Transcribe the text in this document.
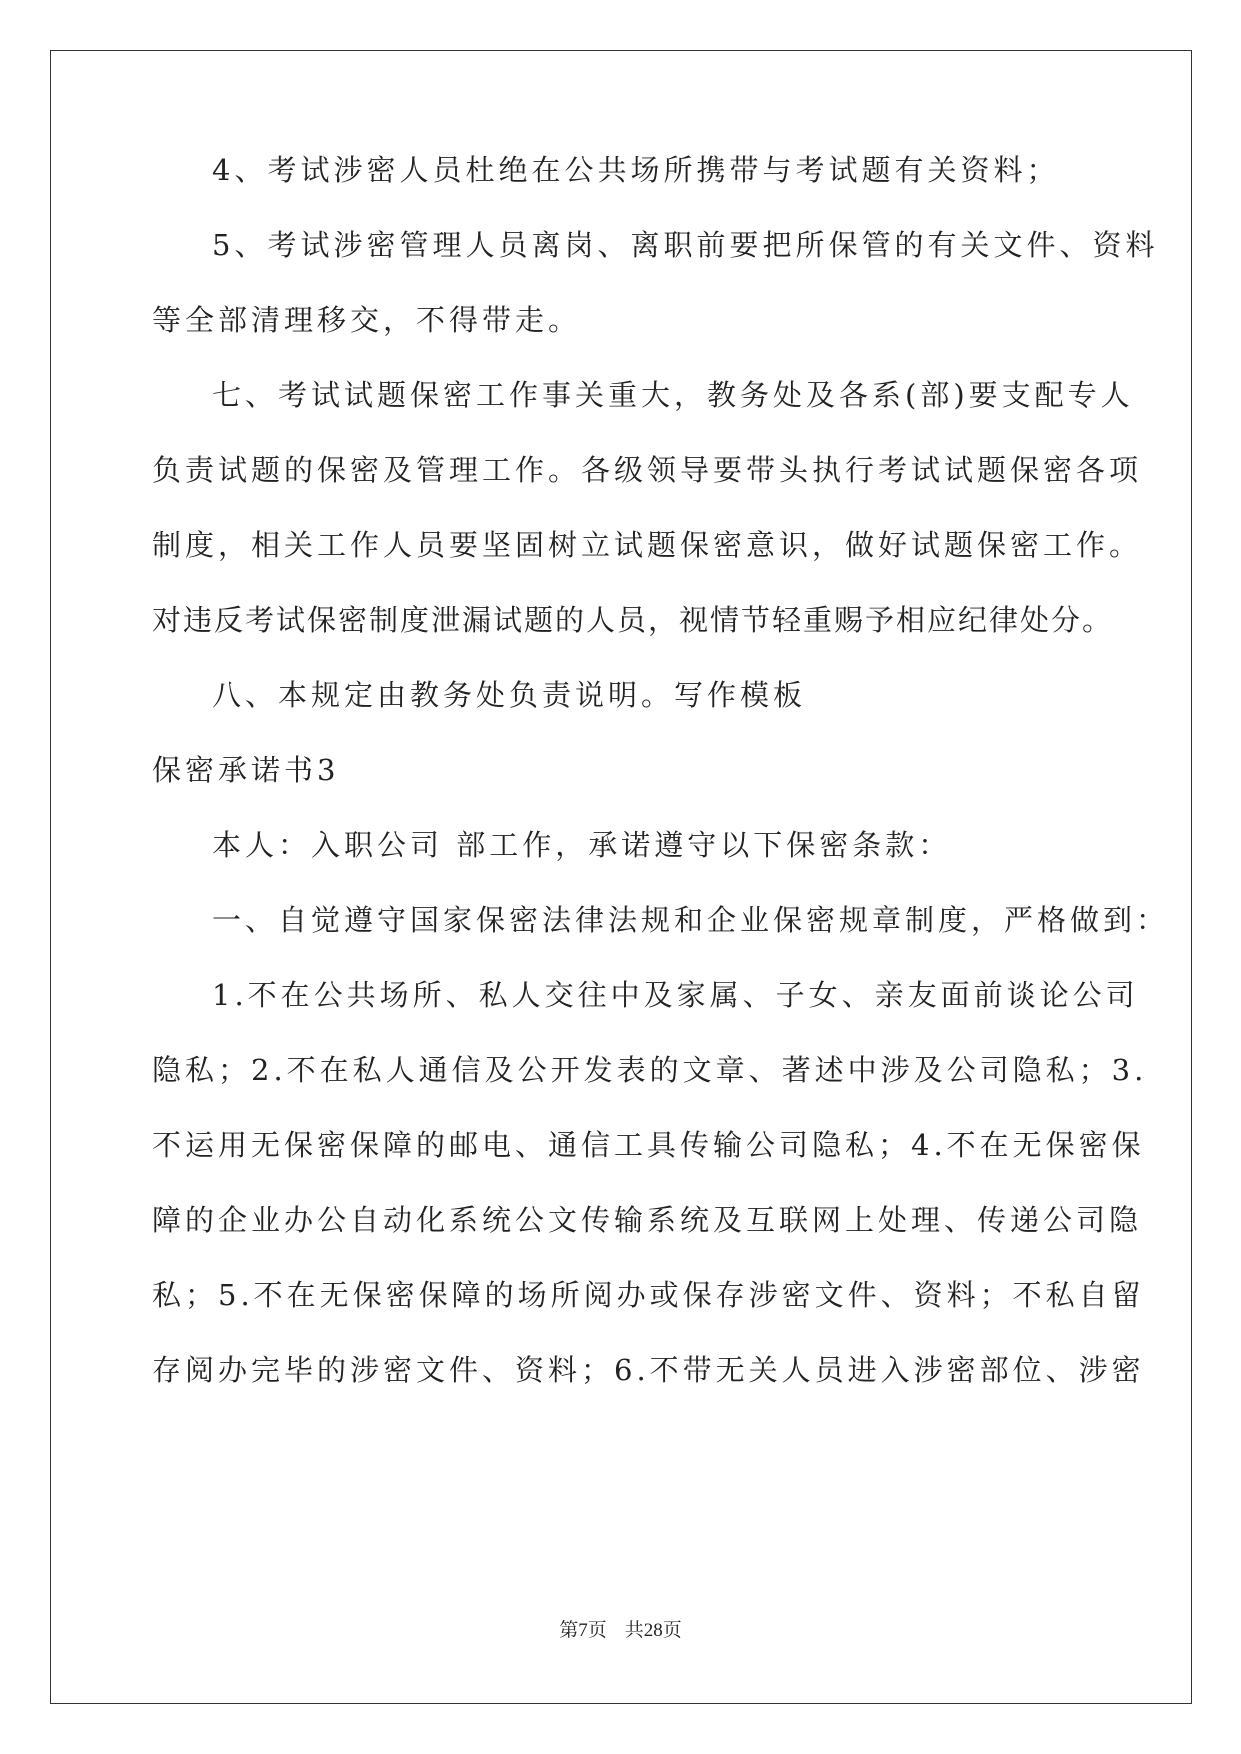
4、考试涉密人员杜绝在公共场所携带与考试题有关资料；
5、考试涉密管理人员离岗、离职前要把所保管的有关文件、资料
等全部清理移交，不得带走。
七、考试试题保密工作事关重大，教务处及各系(部)要支配专人
负责试题的保密及管理工作。各级领导要带头执行考试试题保密各项
制度，相关工作人员要坚固树立试题保密意识，做好试题保密工作。
对违反考试保密制度泄漏试题的人员，视情节轻重赐予相应纪律处分。
八、本规定由教务处负责说明。写作模板
保密承诺书3
本人：入职公司 部工作，承诺遵守以下保密条款：
一、自觉遵守国家保密法律法规和企业保密规章制度，严格做到：
1.不在公共场所、私人交往中及家属、子女、亲友面前谈论公司
隐私；2.不在私人通信及公开发表的文章、著述中涉及公司隐私；3.
不运用无保密保障的邮电、通信工具传输公司隐私；4.不在无保密保
障的企业办公自动化系统公文传输系统及互联网上处理、传递公司隐
私；5.不在无保密保障的场所阅办或保存涉密文件、资料；不私自留
存阅办完毕的涉密文件、资料；6.不带无关人员进入涉密部位、涉密
第7页 共28页
